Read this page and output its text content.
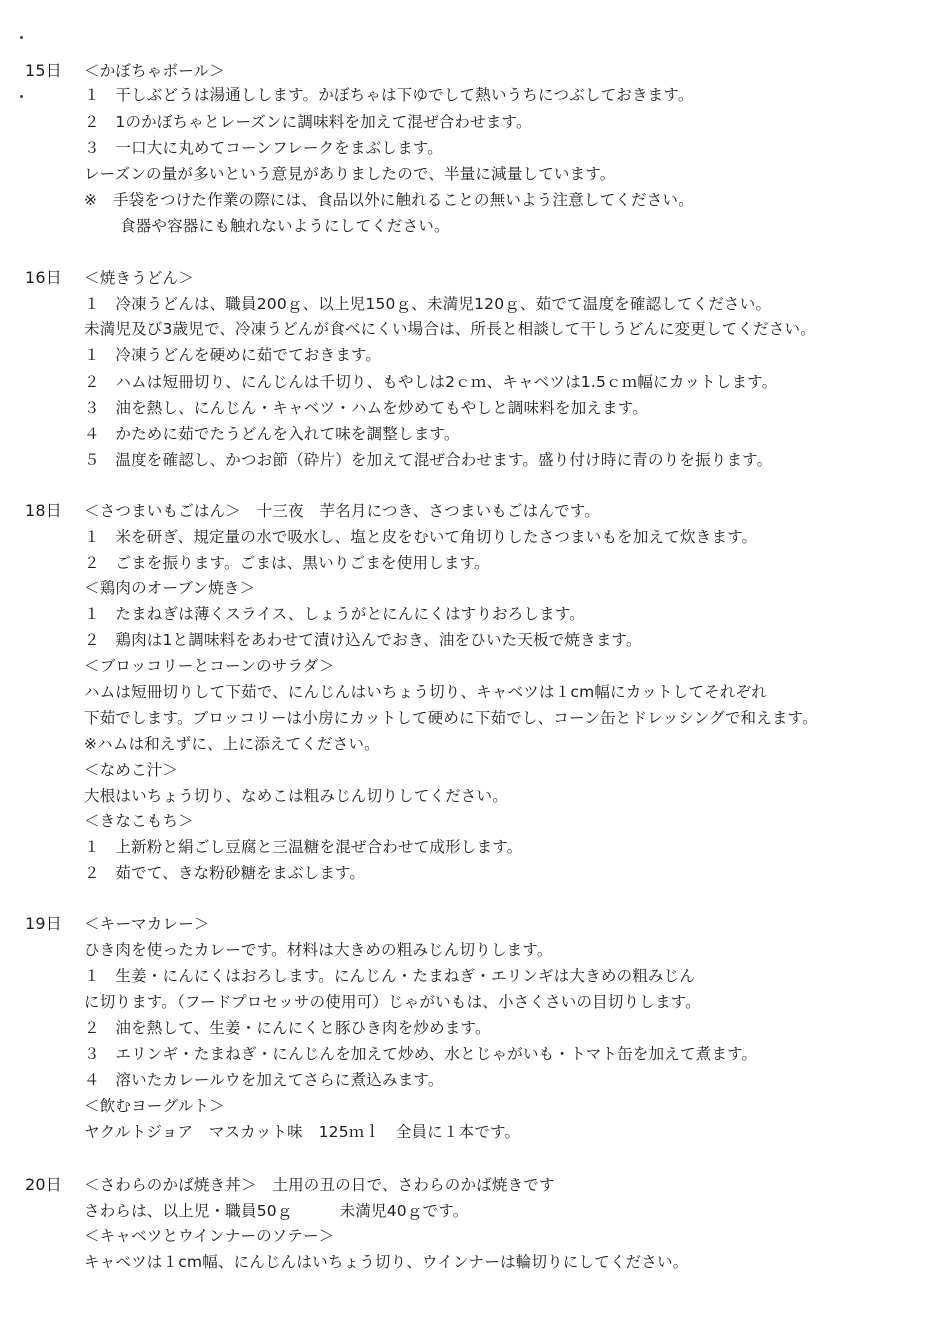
15日 ＜かぼちゃボール＞
１　干しぶどうは湯通しします。かぼちゃは下ゆでして熱いうちにつぶしておきます。
２　1のかぼちゃとレーズンに調味料を加えて混ぜ合わせます。
３　一口大に丸めてコーンフレークをまぶします。
レーズンの量が多いという意見がありましたので、半量に減量しています。
※　手袋をつけた作業の際には、食品以外に触れることの無いよう注意してください。
食器や容器にも触れないようにしてください。
16日 ＜焼きうどん＞
１　冷凍うどんは、職員200ｇ、以上児150ｇ、未満児120ｇ、茹でて温度を確認してください。
未満児及び3歳児で、冷凍うどんが食べにくい場合は、所長と相談して干しうどんに変更してください。
１　冷凍うどんを硬めに茹でておきます。
２　ハムは短冊切り、にんじんは千切り、もやしは2ｃｍ、キャベツは1.5ｃｍ幅にカットします。
３　油を熱し、にんじん・キャベツ・ハムを炒めてもやしと調味料を加えます。
４　かために茹でたうどんを入れて味を調整します。
５　温度を確認し、かつお節（砕片）を加えて混ぜ合わせます。盛り付け時に青のりを振ります。
18日 ＜さつまいもごはん＞　十三夜　芋名月につき、さつまいもごはんです。
１　米を研ぎ、規定量の水で吸水し、塩と皮をむいて角切りしたさつまいもを加えて炊きます。
２　ごまを振ります。ごまは、黒いりごまを使用します。
＜鶏肉のオーブン焼き＞
１　たまねぎは薄くスライス、しょうがとにんにくはすりおろします。
２　鶏肉は1と調味料をあわせて漬け込んでおき、油をひいた天板で焼きます。
＜ブロッコリーとコーンのサラダ＞
ハムは短冊切りして下茹で、にんじんはいちょう切り、キャベツは１cm幅にカットしてそれぞれ
下茹でします。ブロッコリーは小房にカットして硬めに下茹でし、コーン缶とドレッシングで和えます。
※ハムは和えずに、上に添えてください。
＜なめこ汁＞
大根はいちょう切り、なめこは粗みじん切りしてください。
＜きなこもち＞
１　上新粉と絹ごし豆腐と三温糖を混ぜ合わせて成形します。
２　茹でて、きな粉砂糖をまぶします。
19日 ＜キーマカレー＞
ひき肉を使ったカレーです。材料は大きめの粗みじん切りします。
１　生姜・にんにくはおろします。にんじん・たまねぎ・エリンギは大きめの粗みじん
に切ります。（フードプロセッサの使用可）じゃがいもは、小さくさいの目切りします。
２　油を熱して、生姜・にんにくと豚ひき肉を炒めます。
３　エリンギ・たまねぎ・にんじんを加えて炒め、水とじゃがいも・トマト缶を加えて煮ます。
４　溶いたカレールウを加えてさらに煮込みます。
＜飲むヨーグルト＞
ヤクルトジョア　マスカット味　125ｍｌ　全員に１本です。
20日 ＜さわらのかば焼き丼＞　土用の丑の日で、さわらのかば焼きです
さわらは、以上児・職員50ｇ　　　未満児40ｇです。
＜キャベツとウインナーのソテー＞
キャベツは１cm幅、にんじんはいちょう切り、ウインナーは輪切りにしてください。
